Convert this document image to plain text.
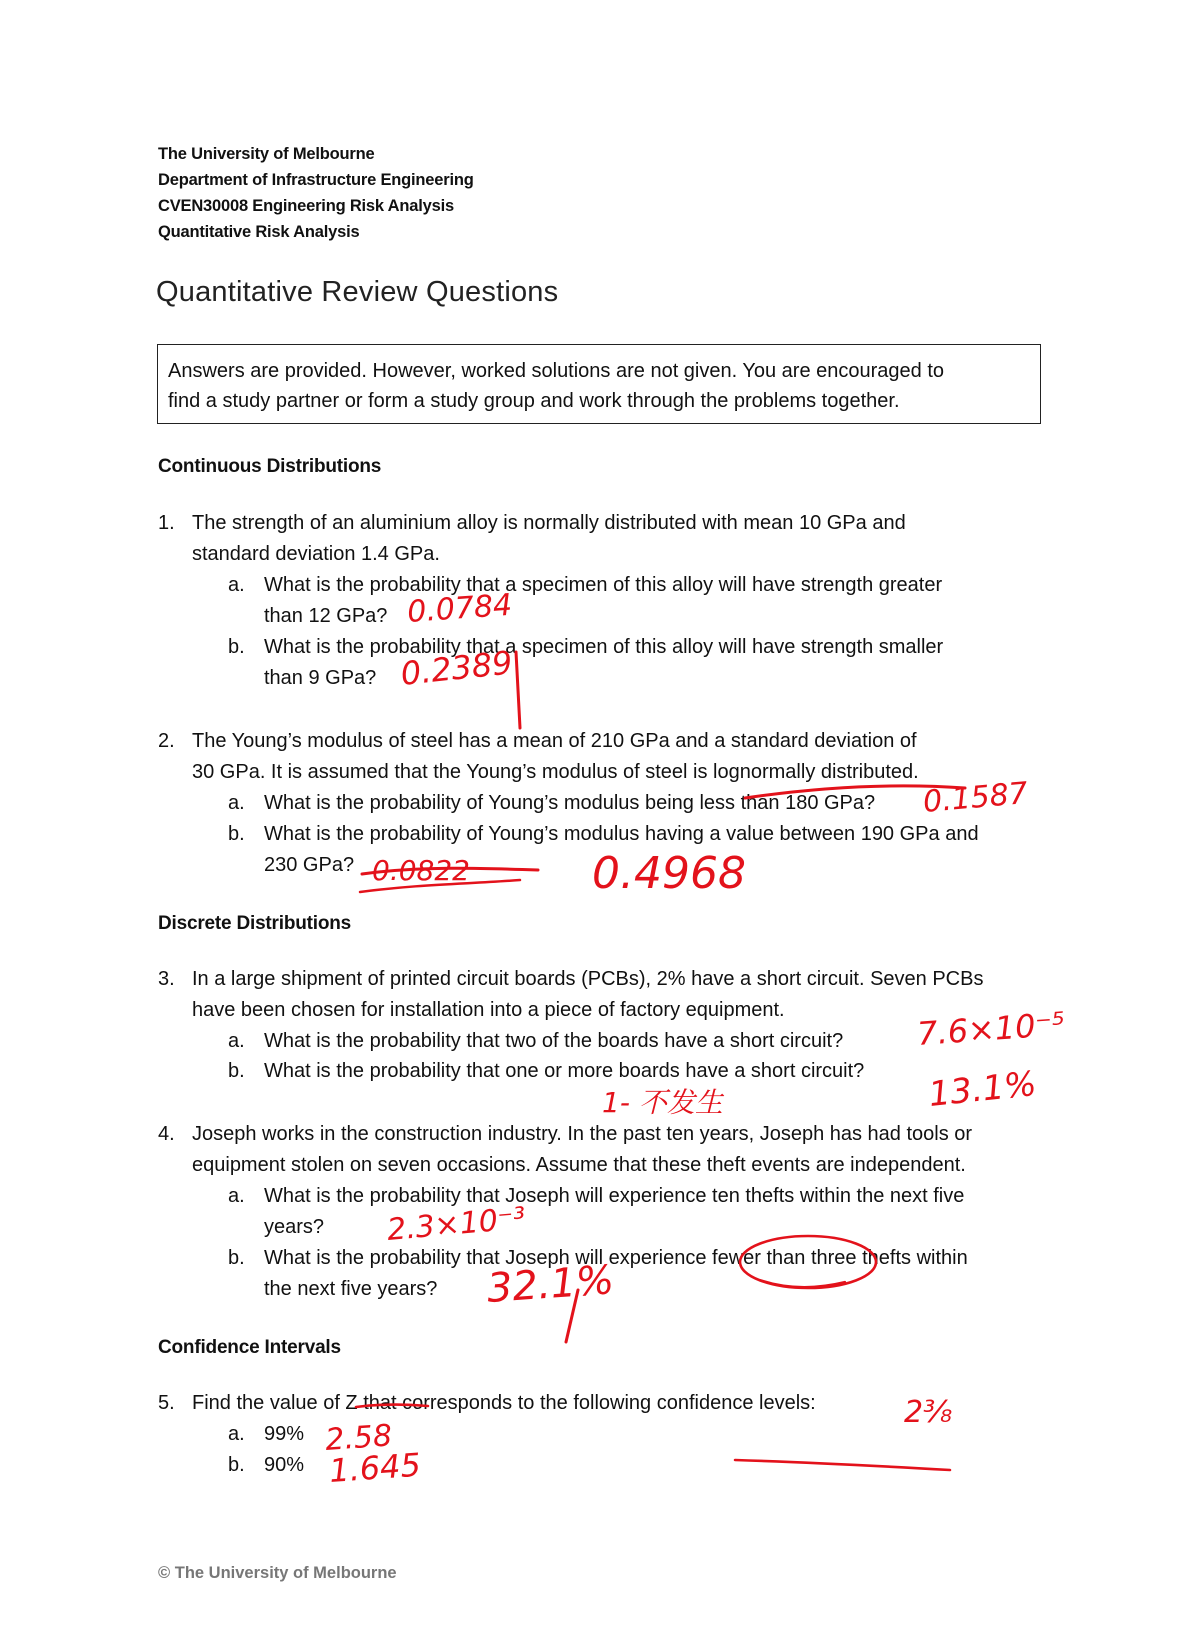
The University of Melbourne
Department of Infrastructure Engineering
CVEN30008 Engineering Risk Analysis
Quantitative Risk Analysis
Quantitative Review Questions
Answers are provided. However, worked solutions are not given. You are encouraged to
find a study partner or form a study group and work through the problems together.
Continuous Distributions
1. The strength of an aluminium alloy is normally distributed with mean 10 GPa and
standard deviation 1.4 GPa.
a. What is the probability that a specimen of this alloy will have strength greater
than 12 GPa?
b. What is the probability that a specimen of this alloy will have strength smaller
than 9 GPa?
2. The Young’s modulus of steel has a mean of 210 GPa and a standard deviation of
30 GPa. It is assumed that the Young’s modulus of steel is lognormally distributed.
a. What is the probability of Young’s modulus being less than 180 GPa?
b. What is the probability of Young’s modulus having a value between 190 GPa and
230 GPa?
Discrete Distributions
3. In a large shipment of printed circuit boards (PCBs), 2% have a short circuit. Seven PCBs
have been chosen for installation into a piece of factory equipment.
a. What is the probability that two of the boards have a short circuit?
b. What is the probability that one or more boards have a short circuit?
4. Joseph works in the construction industry. In the past ten years, Joseph has had tools or
equipment stolen on seven occasions. Assume that these theft events are independent.
a. What is the probability that Joseph will experience ten thefts within the next five
years?
b. What is the probability that Joseph will experience fewer than three thefts within
the next five years?
Confidence Intervals
5. Find the value of Z that corresponds to the following confidence levels:
a. 99%
b. 90%
© The University of Melbourne
0.0784
0.2389
0.1587
0.0822	0.4968
7.6×10⁻⁵
13.1%
1- 不发生
2.3×10⁻³
32.1%
2³⁄₈
2.58
1.645
